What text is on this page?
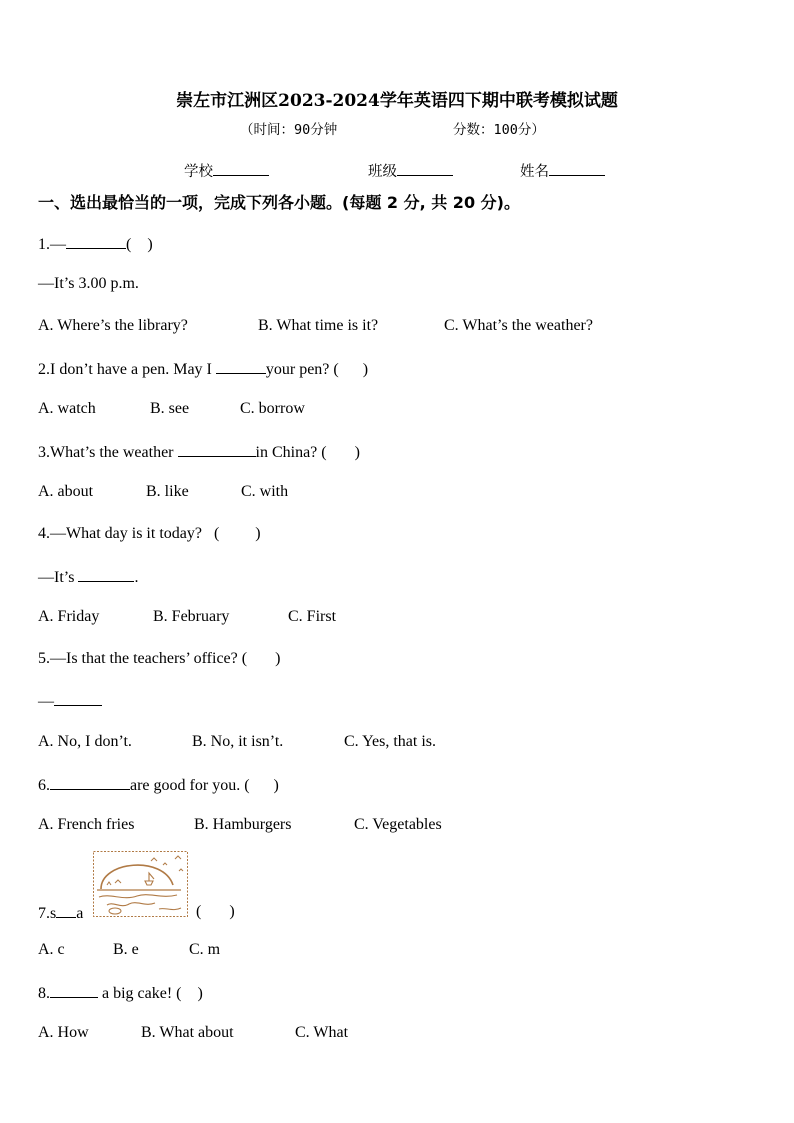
崇左市江洲区2023-2024学年英语四下期中联考模拟试题
（时间：90分钟	分数：100分）
学校	班级	姓名
一、选出最恰当的一项，完成下列各小题。(每题 2 分, 共 20 分)。
1.—	(    )
—It’s 3.00 p.m.
A. Where’s the library?	B. What time is it?	C. What’s the weather?
2.I don’t have a pen. May I	your pen? (      )
A. watch	B. see	C. borrow
3.What’s the weather	in China? (       )
A. about	B. like	C. with
4.—What day is it today?   (         )
—It’s	.
A. Friday	B. February	C. First
5.—Is that the teachers’ office? (       )
—
A. No, I don’t.	B. No, it isn’t.	C. Yes, that is.
6.	are good for you. (      )
A. French fries	B. Hamburgers	C. Vegetables
7.s a	(       )
A. c	B. e	C. m
8.	a big cake! (    )
A. How	B. What about	C. What
